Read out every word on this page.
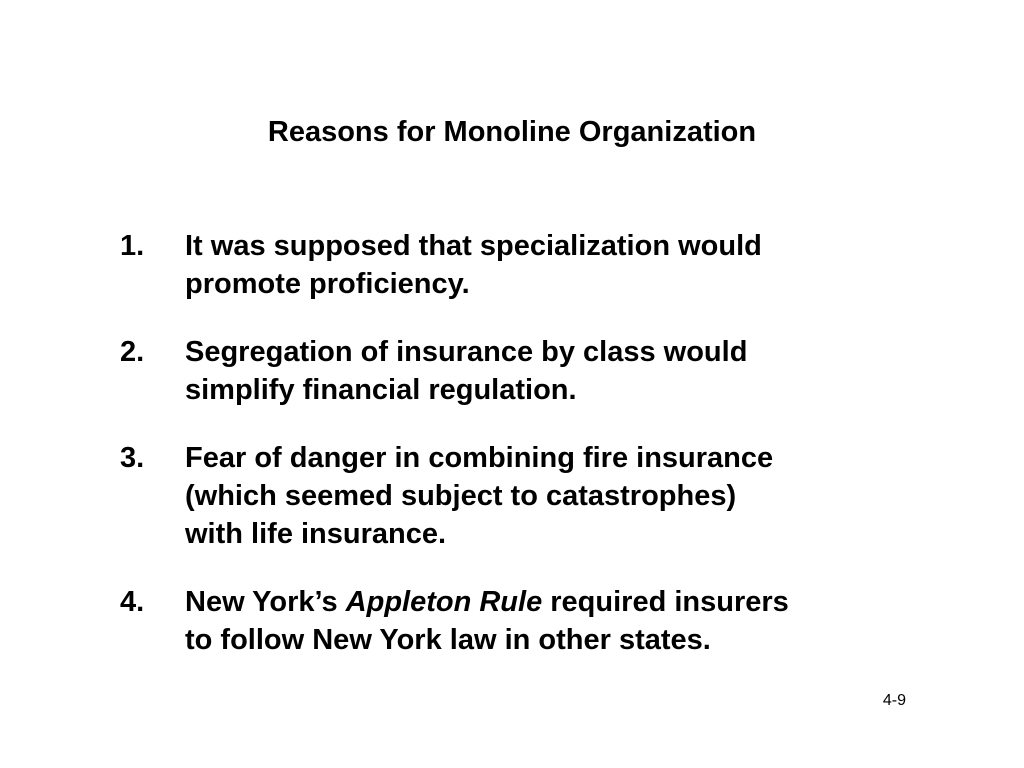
Reasons for Monoline Organization
1.	It was supposed that specialization would
promote proficiency.
2.	Segregation of insurance by class would
simplify financial regulation.
3.	Fear of danger in combining fire insurance
(which seemed subject to catastrophes)
with life insurance.
4.	New York’s Appleton Rule required insurers
to follow New York law in other states.
4-9
